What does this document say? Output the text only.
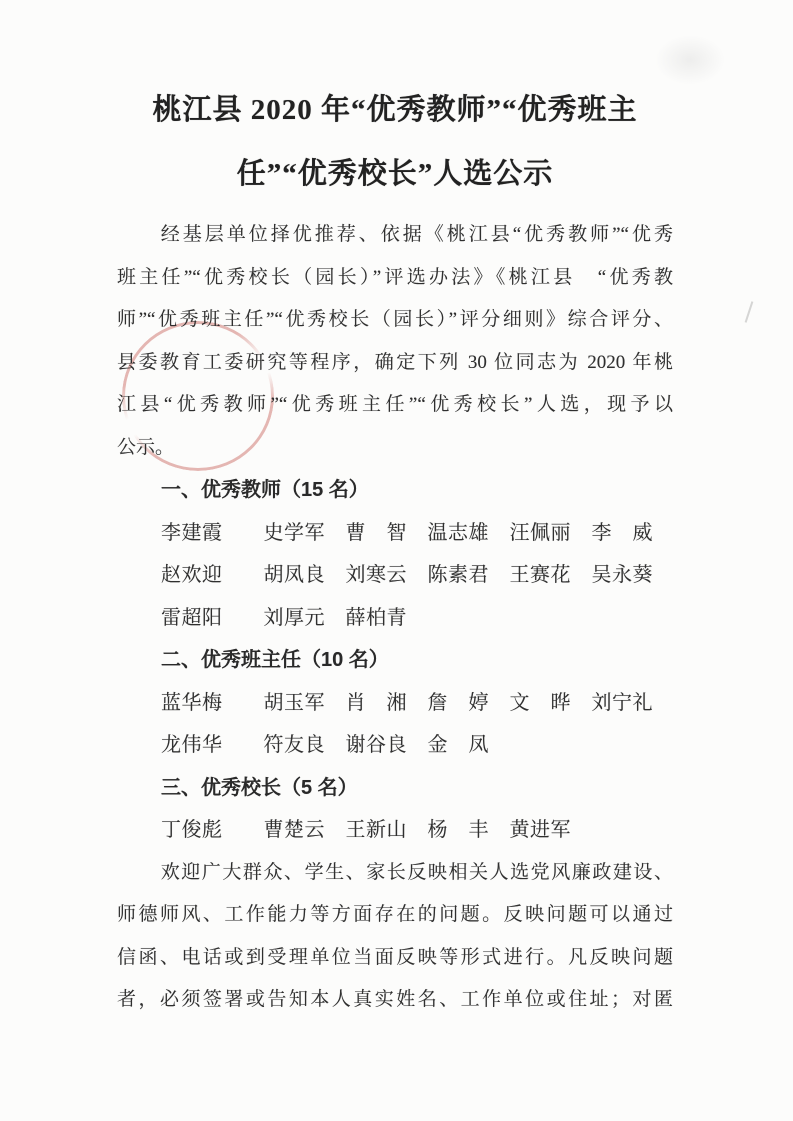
桃江县 2020 年“优秀教师”“优秀班主
任”“优秀校长”人选公示
经基层单位择优推荐、依据《桃江县“优秀教师”“优秀
班主任”“优秀校长（园长）”评选办法》《桃江县　“优秀教
师”“优秀班主任”“优秀校长（园长）”评分细则》综合评分、
县委教育工委研究等程序，确定下列 30 位同志为 2020 年桃
江县“优秀教师”“优秀班主任”“优秀校长”人选，现予以
公示。
一、优秀教师（15 名）
李建霞　　史学军　曹　智　温志雄　汪佩丽　李　威
赵欢迎　　胡凤良　刘寒云　陈素君　王赛花　吴永葵
雷超阳　　刘厚元　薛柏青
二、优秀班主任（10 名）
蓝华梅　　胡玉军　肖　湘　詹　婷　文　晔　刘宁礼
龙伟华　　符友良　谢谷良　金　凤
三、优秀校长（5 名）
丁俊彪　　曹楚云　王新山　杨　丰　黄进军
欢迎广大群众、学生、家长反映相关人选党风廉政建设、
师德师风、工作能力等方面存在的问题。反映问题可以通过
信函、电话或到受理单位当面反映等形式进行。凡反映问题
者，必须签署或告知本人真实姓名、工作单位或住址；对匿
